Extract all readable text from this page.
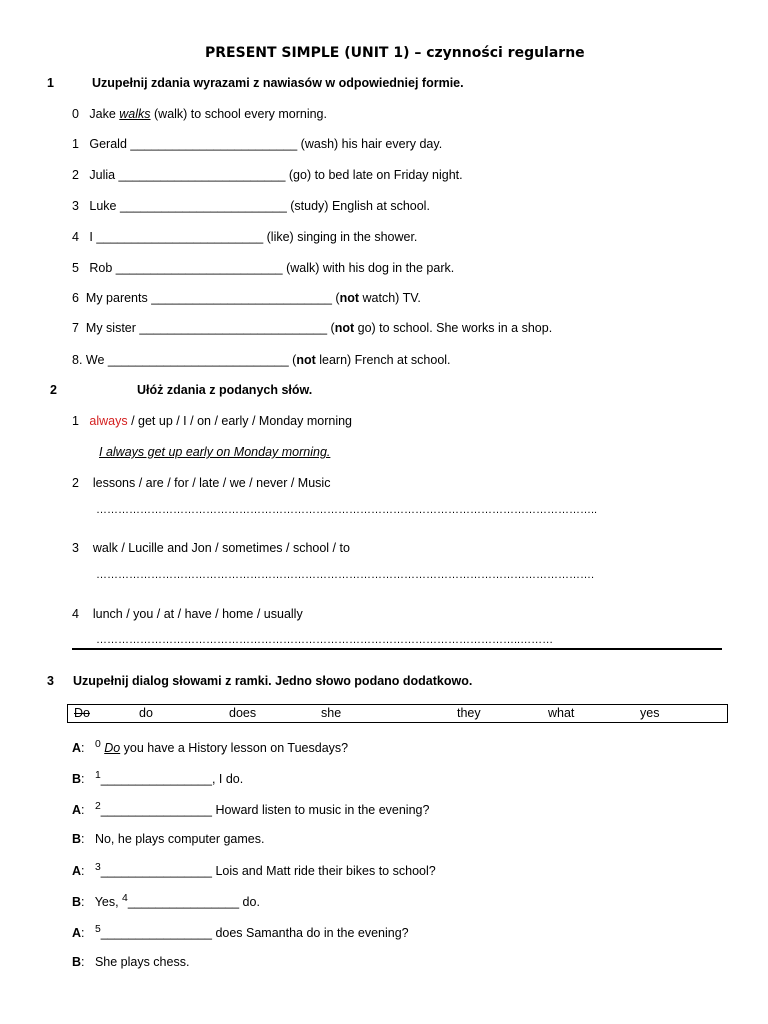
PRESENT SIMPLE (UNIT 1) – czynności regularne
1	Uzupełnij zdania wyrazami z nawiasów w odpowiedniej formie.
0 Jake walks (walk) to school every morning.
1 Gerald ________________________ (wash) his hair every day.
2 Julia ________________________ (go) to bed late on Friday night.
3 Luke ________________________ (study) English at school.
4 I ________________________ (like) singing in the shower.
5 Rob ________________________ (walk) with his dog in the park.
6 My parents __________________________ (not watch) TV.
7 My sister ___________________________ (not go) to school. She works in a shop.
8. We __________________________ (not learn) French at school.
2	Ułóż zdania z podanych słów.
1 always / get up / I / on / early / Monday morning
I always get up early on Monday morning.
2 lessons / are / for / late / we / never / Music
………………………………………………………………………………………………………………………..
3 walk / Lucille and Jon / sometimes / school / to
……………………………………………………………………………………………………………………….
4 lunch / you / at / have / home / usually
……………………………………………………………………………………………………..………
3 Uzupełnij dialog słowami z ramki. Jedno słowo podano dodatkowo.
Do	do	does	she	they	what	yes
A:   $^0$ Do you have a History lesson on Tuesdays?
B:   $^1$________________, I do.
A:   $^2$________________ Howard listen to music in the evening?
B:   No, he plays computer games.
A:   $^3$________________ Lois and Matt ride their bikes to school?
B:   Yes, $^4$________________ do.
A:   $^5$________________ does Samantha do in the evening?
B:   She plays chess.
